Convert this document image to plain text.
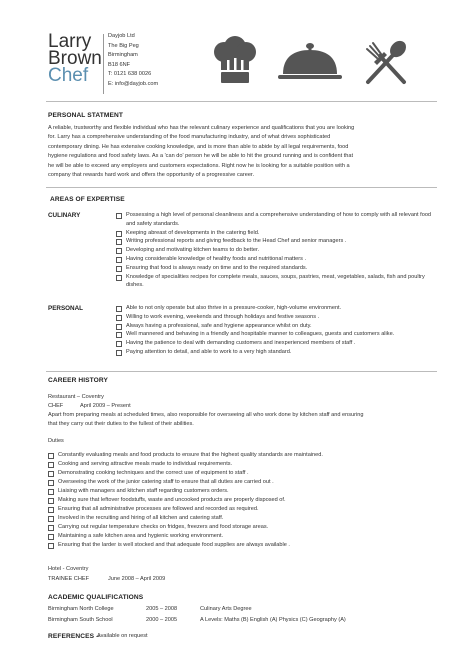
Larry
Brown
Chef
Dayjob Ltd
The Big Peg
Birmingham
B18 6NF
T: 0121 638 0026
E: info@dayjob.com
PERSONAL STATMENT
A reliable, trustworthy and flexible individual who has the relevant culinary experience and qualifications that you are looking
for. Larry has a comprehensive understanding of the food manufacturing industry, and of what drives sophisticated
contemporary dining. He has extensive cooking knowledge, and is more than able to abide by all legal requirements, food
hygiene regulations and food safety laws. As a 'can do' person he will be able to hit the ground running and is confident that
he will be able to exceed any employers and customers expectations. Right now he is looking for a suitable position with a
company that rewards hard work and offers the opportunity of a progressive career.
AREAS OF EXPERTISE
CULINARY	Possessing a high level of personal cleanliness and a comprehensive understanding of how to comply with all relevant food and safety standards.
Keeping abreast of developments in the catering field.
Writing professional reports and giving feedback to the Head Chef and senior managers .
Developing and motivating kitchen teams to do better.
Having considerable knowledge of healthy foods and nutritional matters .
Ensuring that food is always ready on time and to the required standards.
Knowledge of specialities recipes for complete meals, sauces, soups, pastries, meat, vegetables, salads, fish and poultry dishes.
PERSONAL	Able to not only operate but also thrive in a pressure-cooker, high-volume environment.
Willing to work evening, weekends and through holidays and festive seasons .
Always having a professional, safe and hygiene appearance whilst on duty.
Well mannered and behaving in a friendly and hospitable manner to colleagues, guests and customers alike.
Having the patience to deal with demanding customers and inexperienced members of staff .
Paying attention to detail, and able to work to a very high standard.
CAREER HISTORY
Restaurant – Coventry
CHEF	April 2009 – Present
Apart from preparing meals at scheduled times, also responsible for overseeing all who work done by kitchen staff and ensuring
that they carry out their duties to the fullest of their abilities.
Duties
Constantly evaluating meals and food products to ensure that the highest quality standards are maintained.
Cooking and serving attractive meals made to individual requirements.
Demonstrating cooking techniques and the correct use of equipment to staff .
Overseeing the work of the junior catering staff to ensure that all duties are carried out .
Liaising with managers and kitchen staff regarding customers orders.
Making sure that leftover foodstuffs, waste and uncooked products are properly disposed of.
Ensuring that all administrative processes are followed and recorded as required.
Involved in the recruiting and hiring of all kitchen and catering staff.
Carrying out regular temperature checks on fridges, freezers and food storage areas.
Maintaining a safe kitchen area and hygienic working environment.
Ensuring that the larder is well stocked and that adequate food supplies are always available .
Hotel - Coventry
TRAINEE CHEF	June 2008 – April 2009
ACADEMIC QUALIFICATIONS
Birmingham North College	2005 – 2008	Culinary Arts Degree
Birmingham South School	2000 – 2005	A Levels: Maths (B) English (A) Physics (C) Geography (A)
REFERENCES –
Available on request
